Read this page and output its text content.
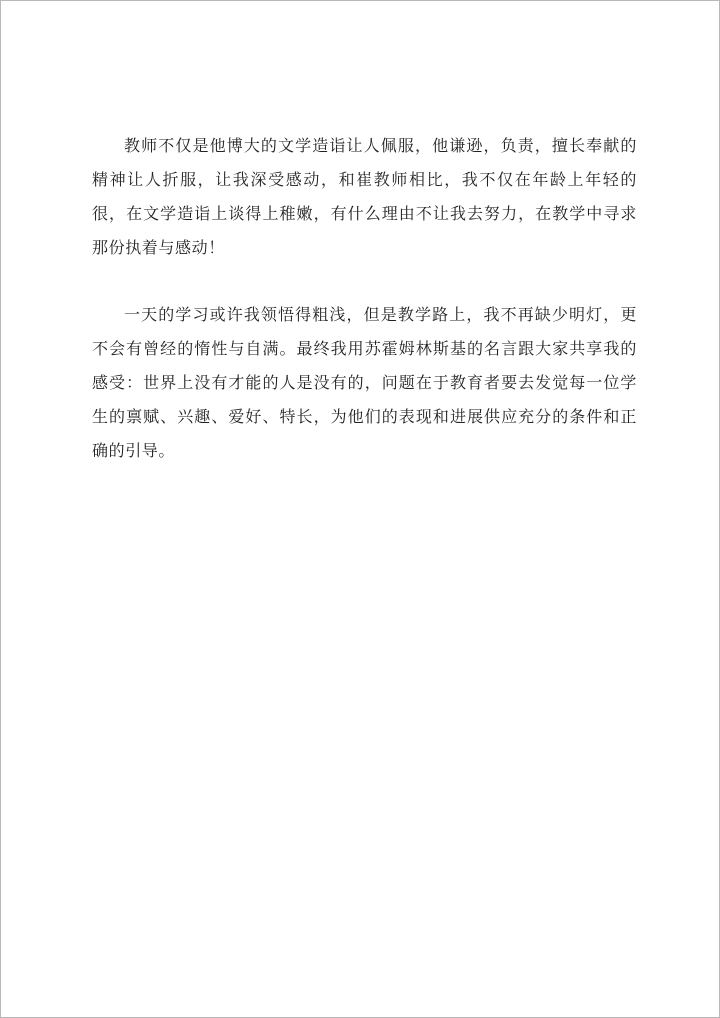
教师不仅是他博大的文学造诣让人佩服，他谦逊，负责，擅长奉献的精神让人折服，让我深受感动，和崔教师相比，我不仅在年龄上年轻的很，在文学造诣上谈得上稚嫩，有什么理由不让我去努力，在教学中寻求那份执着与感动！

一天的学习或许我领悟得粗浅，但是教学路上，我不再缺少明灯，更不会有曾经的惰性与自满。最终我用苏霍姆林斯基的名言跟大家共享我的感受：世界上没有才能的人是没有的，问题在于教育者要去发觉每一位学生的禀赋、兴趣、爱好、特长，为他们的表现和进展供应充分的条件和正确的引导。
